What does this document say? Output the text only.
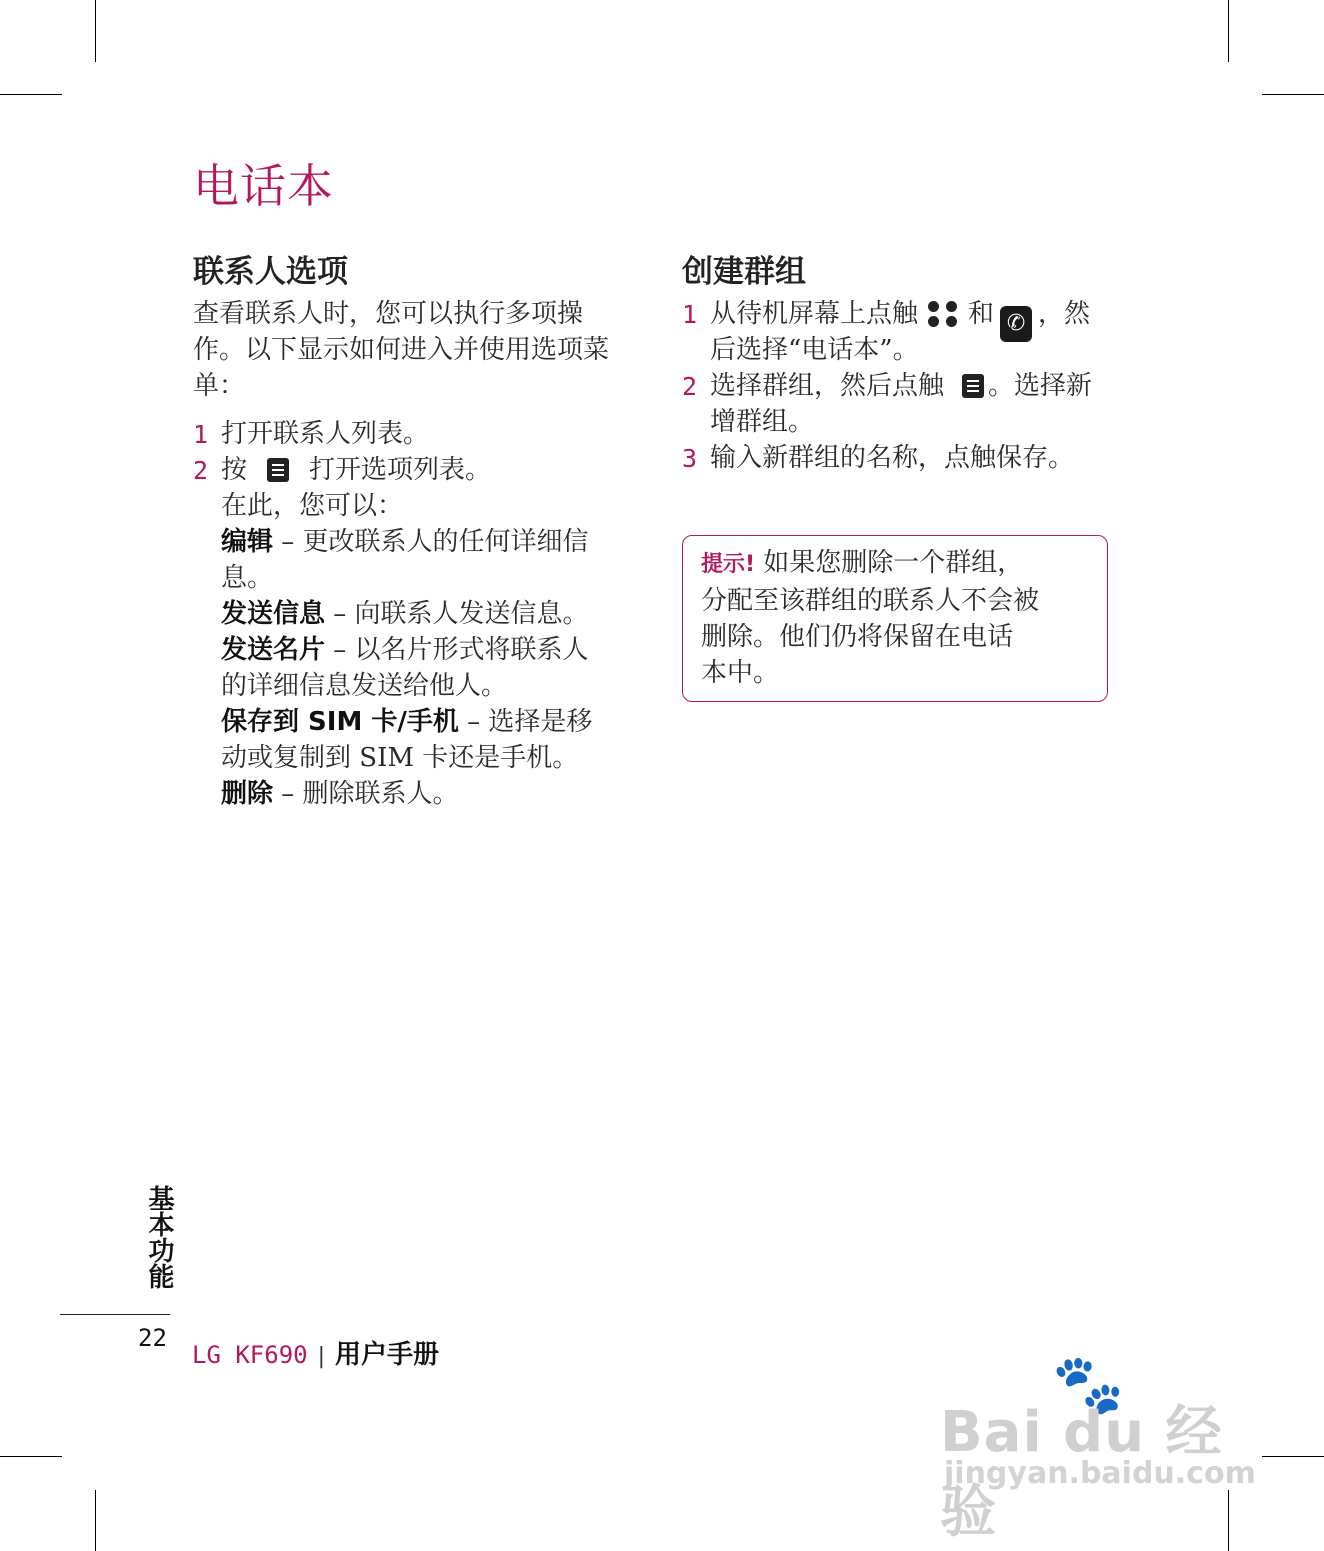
电话本
联系人选项
查看联系人时，您可以执行多项操
作。以下显示如何进入并使用选项菜
单：
1 打开联系人列表。
2 按 打开选项列表。
在此，您可以：
编辑 – 更改联系人的任何详细信
息。
发送信息 – 向联系人发送信息。
发送名片 – 以名片形式将联系人
的详细信息发送给他人。
保存到 SIM 卡/手机 – 选择是移
动或复制到 SIM 卡还是手机。
删除 – 删除联系人。
创建群组
1 从待机屏幕上点触 和 ✆ ，然
后选择“电话本”。
2 选择群组，然后点触 。选择新
增群组。
3 输入新群组的名称，点触保存。
提示! 如果您删除一个群组，
分配至该群组的联系人不会被
删除。他们仍将保留在电话
本中。
基本功能
22
LG KF690 | 用户手册	🐾
Bai du 经验
jingyan.baidu.com
